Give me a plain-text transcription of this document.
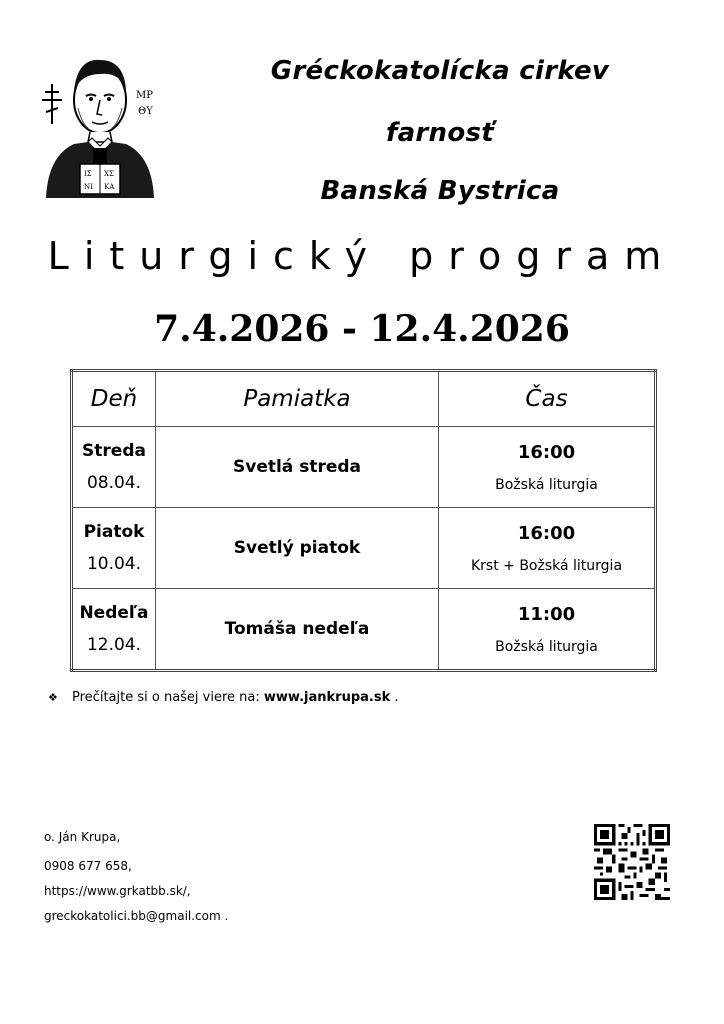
ΜΡ
ΘΥ
ΙΣ ΧΣ
ΝΙ ΚΑ
Gréckokatolícka cirkev
farnosť
Banská Bystrica
Liturgický program
7.4.2026 - 12.4.2026
Deň	Pamiatka	Čas

Streda
08.04.	Svetlá streda	16:00
Božská liturgia

Piatok
10.04.	Svetlý piatok	16:00
Krst + Božská liturgia

Nedeľa
12.04.	Tomáša nedeľa	11:00
Božská liturgia
❖ Prečítajte si o našej viere na: www.jankrupa.sk .
o. Ján Krupa,
0908 677 658,
https://www.grkatbb.sk/,
greckokatolici.bb@gmail.com .
